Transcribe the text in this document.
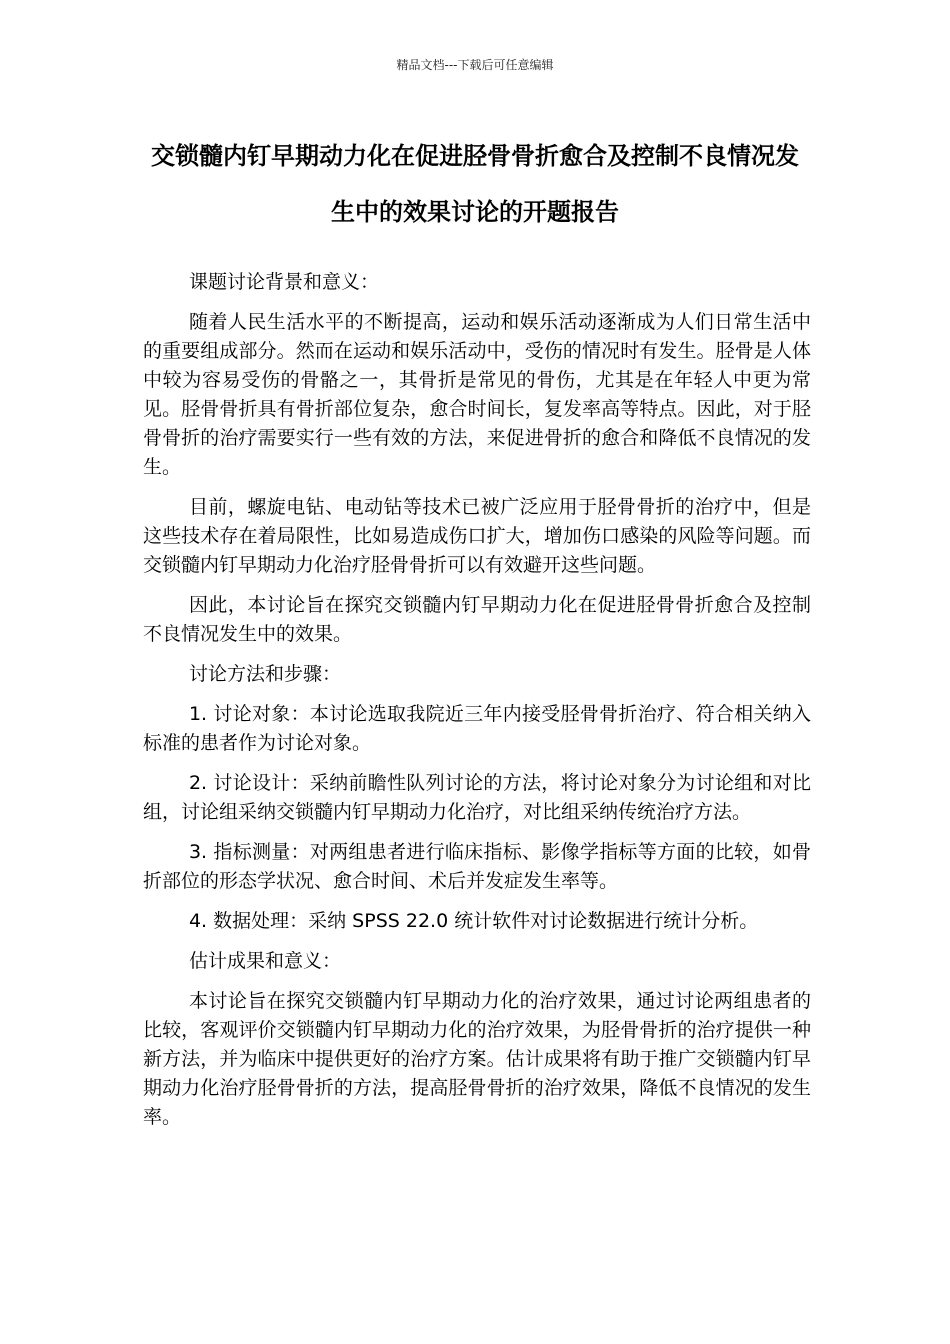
精品文档---下载后可任意编辑
交锁髓内钉早期动力化在促进胫骨骨折愈合及控制不良情况发生中的效果讨论的开题报告

课题讨论背景和意义：

随着人民生活水平的不断提高，运动和娱乐活动逐渐成为人们日常生活中的重要组成部分。然而在运动和娱乐活动中，受伤的情况时有发生。胫骨是人体中较为容易受伤的骨骼之一，其骨折是常见的骨伤，尤其是在年轻人中更为常见。胫骨骨折具有骨折部位复杂，愈合时间长，复发率高等特点。因此，对于胫骨骨折的治疗需要实行一些有效的方法，来促进骨折的愈合和降低不良情况的发生。

目前，螺旋电钻、电动钻等技术已被广泛应用于胫骨骨折的治疗中，但是这些技术存在着局限性，比如易造成伤口扩大，增加伤口感染的风险等问题。而交锁髓内钉早期动力化治疗胫骨骨折可以有效避开这些问题。

因此，本讨论旨在探究交锁髓内钉早期动力化在促进胫骨骨折愈合及控制不良情况发生中的效果。

讨论方法和步骤：

1. 讨论对象：本讨论选取我院近三年内接受胫骨骨折治疗、符合相关纳入标准的患者作为讨论对象。

2. 讨论设计：采纳前瞻性队列讨论的方法，将讨论对象分为讨论组和对比组，讨论组采纳交锁髓内钉早期动力化治疗，对比组采纳传统治疗方法。

3. 指标测量：对两组患者进行临床指标、影像学指标等方面的比较，如骨折部位的形态学状况、愈合时间、术后并发症发生率等。

4. 数据处理：采纳 SPSS 22.0 统计软件对讨论数据进行统计分析。

估计成果和意义：

本讨论旨在探究交锁髓内钉早期动力化的治疗效果，通过讨论两组患者的比较，客观评价交锁髓内钉早期动力化的治疗效果，为胫骨骨折的治疗提供一种新方法，并为临床中提供更好的治疗方案。估计成果将有助于推广交锁髓内钉早期动力化治疗胫骨骨折的方法，提高胫骨骨折的治疗效果，降低不良情况的发生率。
